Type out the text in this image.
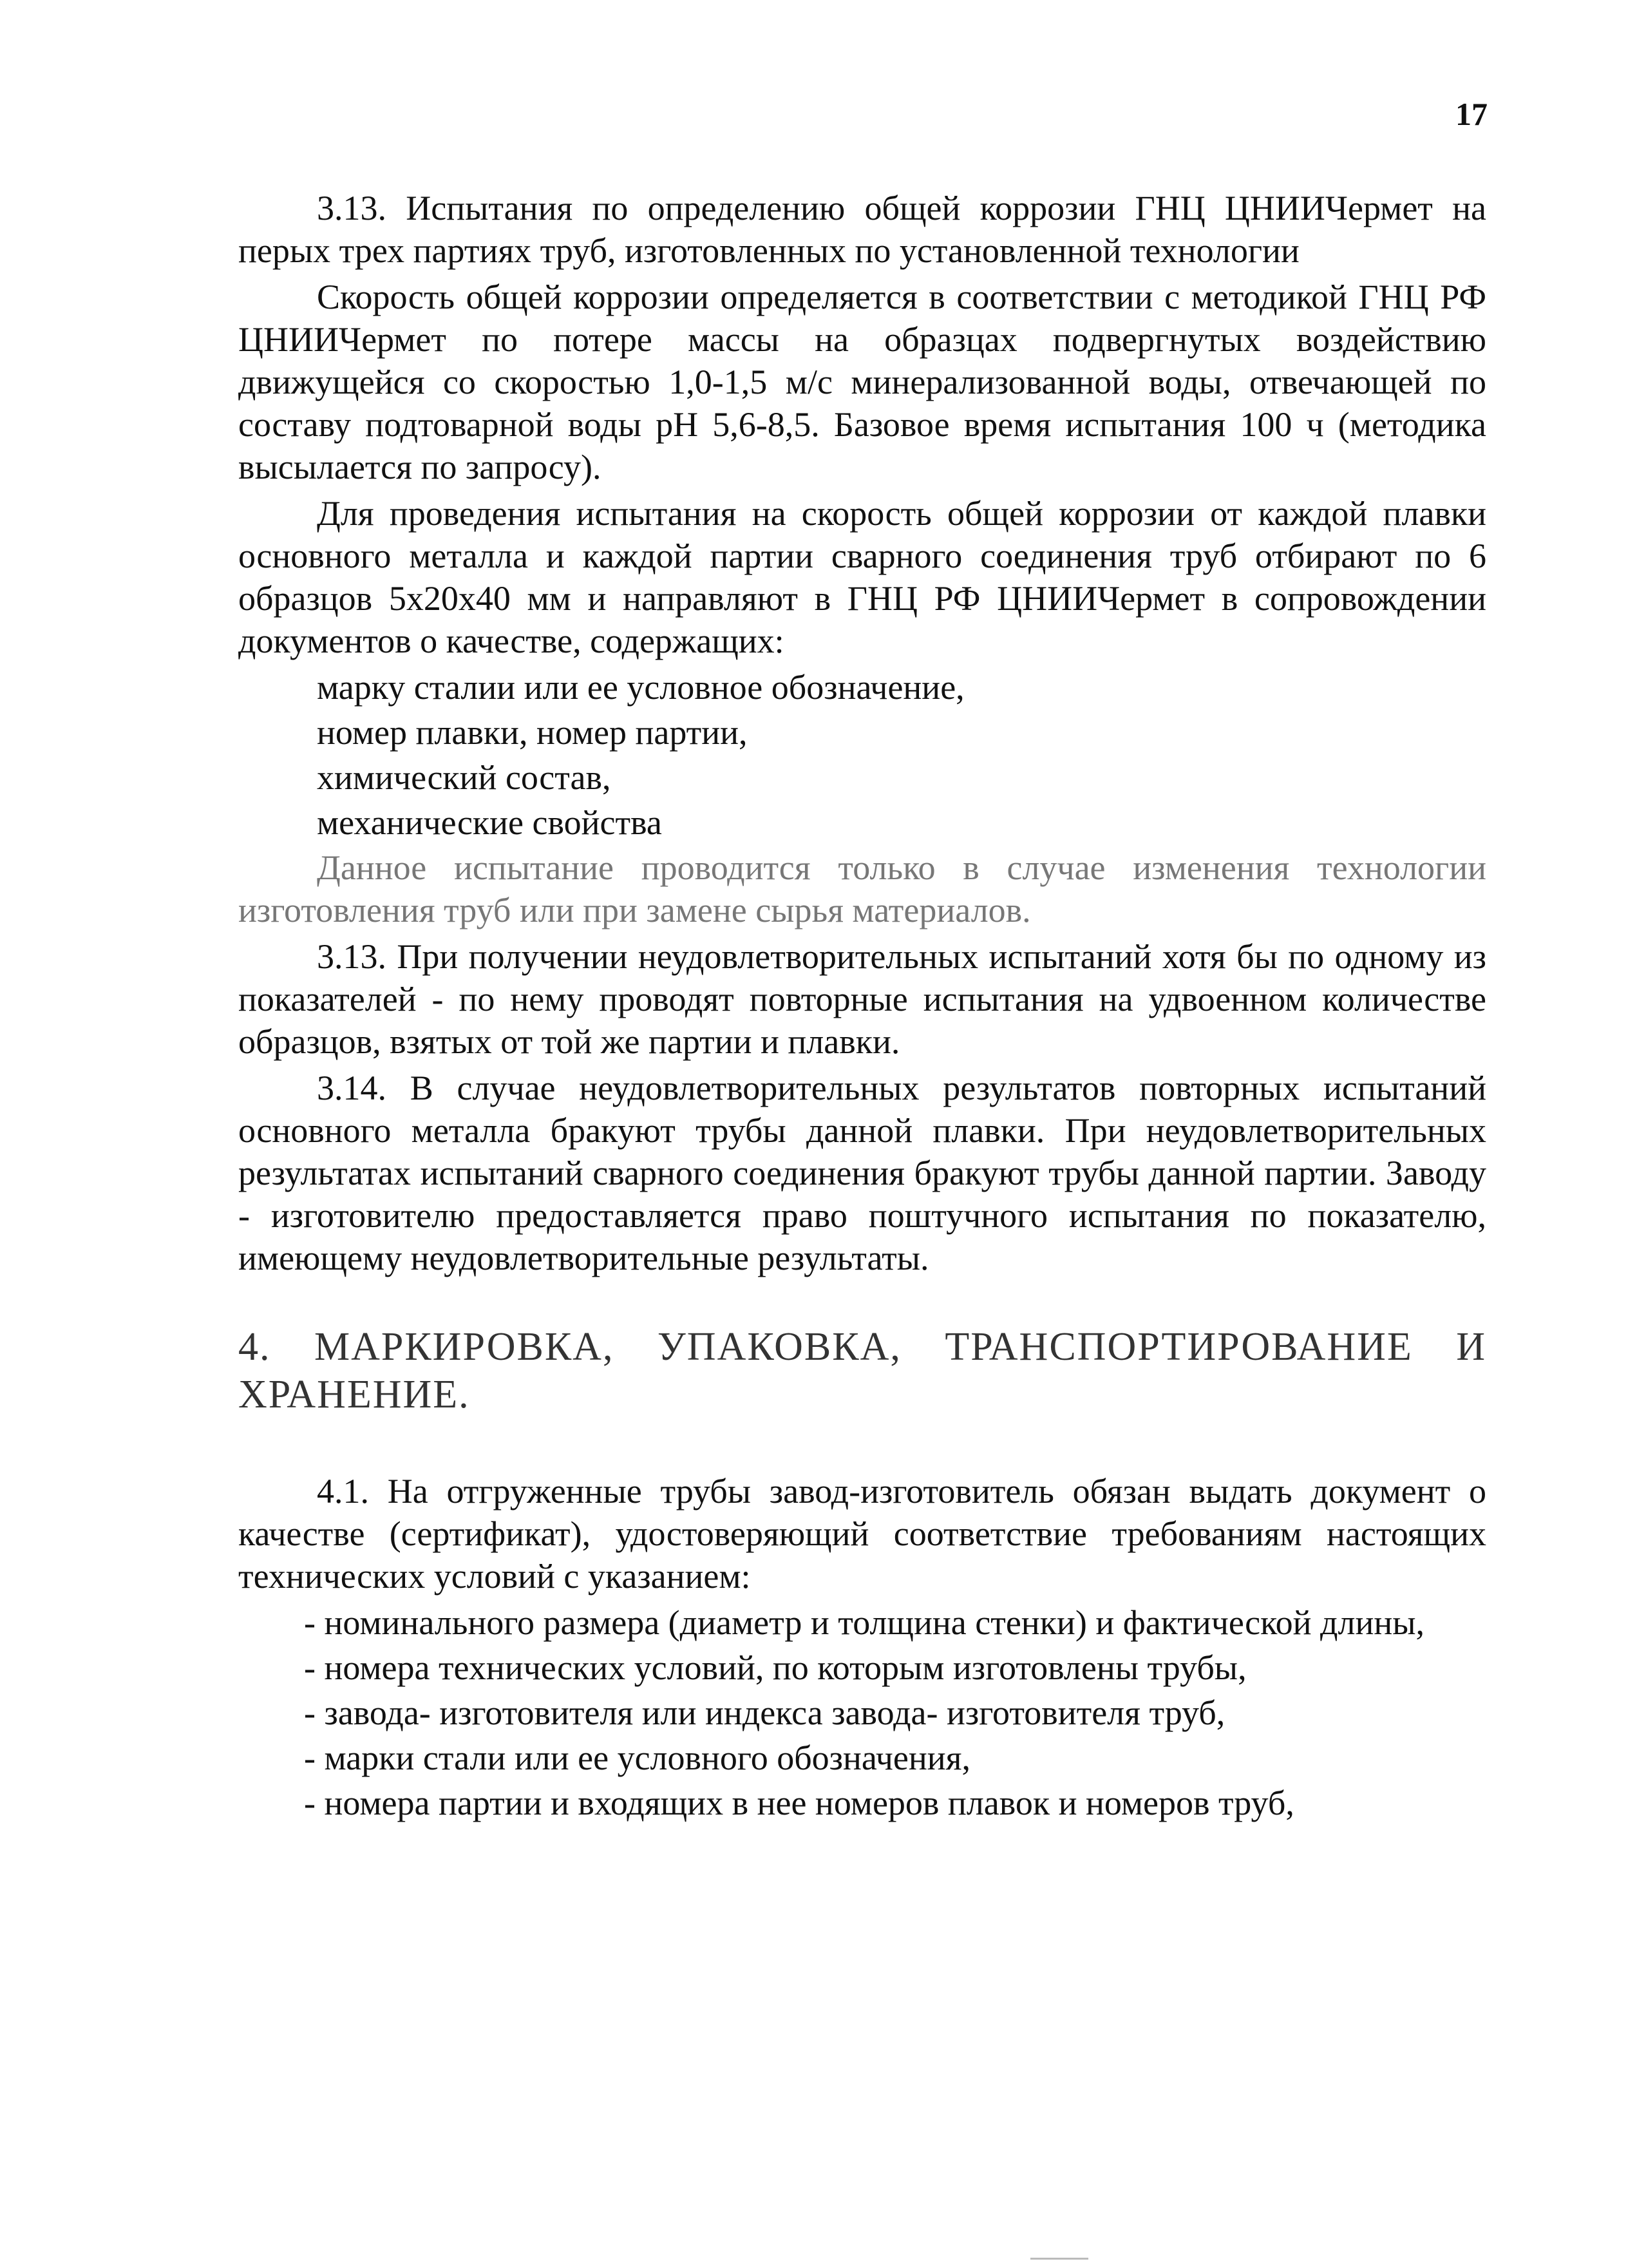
17

3.13. Испытания по определению общей коррозии ГНЦ ЦНИИЧермет на перых трех партиях труб, изготовленных по установленной технологии

Скорость общей коррозии определяется в соответствии с методикой ГНЦ РФ ЦНИИЧермет по потере массы на образцах подвергнутых воздействию движущейся со скоростью 1,0-1,5 м/с минерализованной воды, отвечающей по составу подтоварной воды рН 5,6-8,5. Базовое время испытания 100 ч (методика высылается по запросу).

Для проведения испытания на скорость общей коррозии от каждой плавки основного металла и каждой партии сварного соединения труб отбирают по 6 образцов 5х20х40 мм и направляют в ГНЦ РФ ЦНИИЧермет в сопровождении документов о качестве, содержащих:

марку сталии или ее условное обозначение,
номер плавки, номер партии,
химический состав,
механические свойства

Данное испытание проводится только в случае изменения технологии изготовления труб или при замене сырья материалов.

3.13. При получении неудовлетворительных испытаний хотя бы по одному из показателей - по нему проводят повторные испытания на удвоенном количестве образцов, взятых от той же партии и плавки.

3.14. В случае неудовлетворительных результатов повторных испытаний основного металла бракуют трубы данной плавки. При неудовлетворительных результатах испытаний сварного соединения бракуют трубы данной партии. Заводу - изготовителю предоставляется право поштучного испытания по показателю, имеющему неудовлетворительные результаты.

4. МАРКИРОВКА, УПАКОВКА, ТРАНСПОРТИРОВАНИЕ И ХРАНЕНИЕ.

4.1. На отгруженные трубы завод-изготовитель обязан выдать документ о качестве (сертификат), удостоверяющий соответствие требованиям настоящих технических условий с указанием:

- номинального размера (диаметр и толщина стенки) и фактической длины,
- номера технических условий, по которым изготовлены трубы,
- завода- изготовителя или индекса завода- изготовителя труб,
- марки стали или ее условного обозначения,
- номера партии и входящих в нее номеров плавок и номеров труб,
